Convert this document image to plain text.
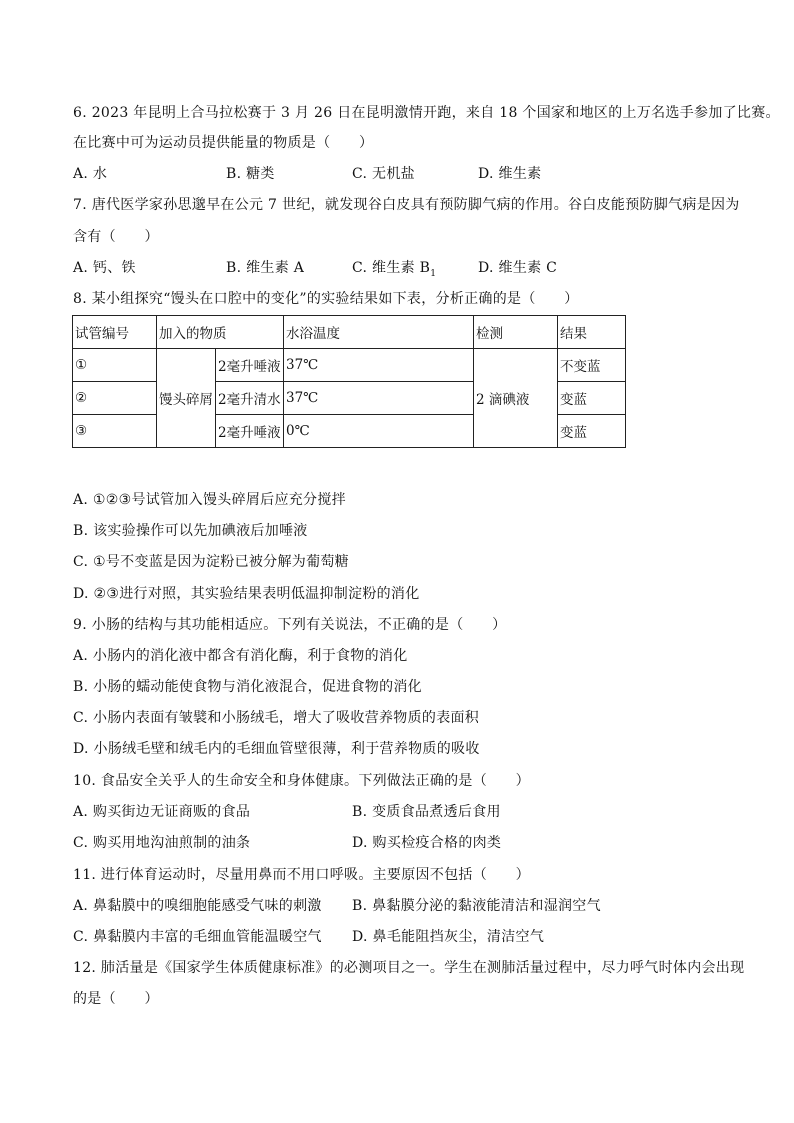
6. 2023 年昆明上合马拉松赛于 3 月 26 日在昆明激情开跑，来自 18 个国家和地区的上万名选手参加了比赛。
在比赛中可为运动员提供能量的物质是（　　）
A. 水	B. 糖类	C. 无机盐	D. 维生素
7. 唐代医学家孙思邈早在公元 7 世纪，就发现谷白皮具有预防脚气病的作用。谷白皮能预防脚气病是因为
含有（　　）
A. 钙、铁	B. 维生素 A	C. 维生素 $B_1$	D. 维生素 C
8. 某小组探究“馒头在口腔中的变化”的实验结果如下表，分析正确的是（　　）
试管编号	加入的物质		水浴温度	检测	结果
①	馒头碎屑	2毫升唾液	37℃	2 滴碘液	不变蓝
②		2毫升清水	37℃		变蓝
③		2毫升唾液	0℃		变蓝
A. ①②③号试管加入馒头碎屑后应充分搅拌
B. 该实验操作可以先加碘液后加唾液
C. ①号不变蓝是因为淀粉已被分解为葡萄糖
D. ②③进行对照，其实验结果表明低温抑制淀粉的消化
9. 小肠的结构与其功能相适应。下列有关说法，不正确的是（　　）
A. 小肠内的消化液中都含有消化酶，利于食物的消化
B. 小肠的蠕动能使食物与消化液混合，促进食物的消化
C. 小肠内表面有皱襞和小肠绒毛，增大了吸收营养物质的表面积
D. 小肠绒毛壁和绒毛内的毛细血管壁很薄，利于营养物质的吸收
10. 食品安全关乎人的生命安全和身体健康。下列做法正确的是（　　）
A. 购买街边无证商贩的食品	B. 变质食品煮透后食用
C. 购买用地沟油煎制的油条	D. 购买检疫合格的肉类
11. 进行体育运动时，尽量用鼻而不用口呼吸。主要原因不包括（　　）
A. 鼻黏膜中的嗅细胞能感受气味的刺激 B. 鼻黏膜分泌的黏液能清洁和湿润空气
C. 鼻黏膜内丰富的毛细血管能温暖空气 D. 鼻毛能阻挡灰尘，清洁空气
12. 肺活量是《国家学生体质健康标准》的必测项目之一。学生在测肺活量过程中，尽力呼气时体内会出现
的是（　　）
